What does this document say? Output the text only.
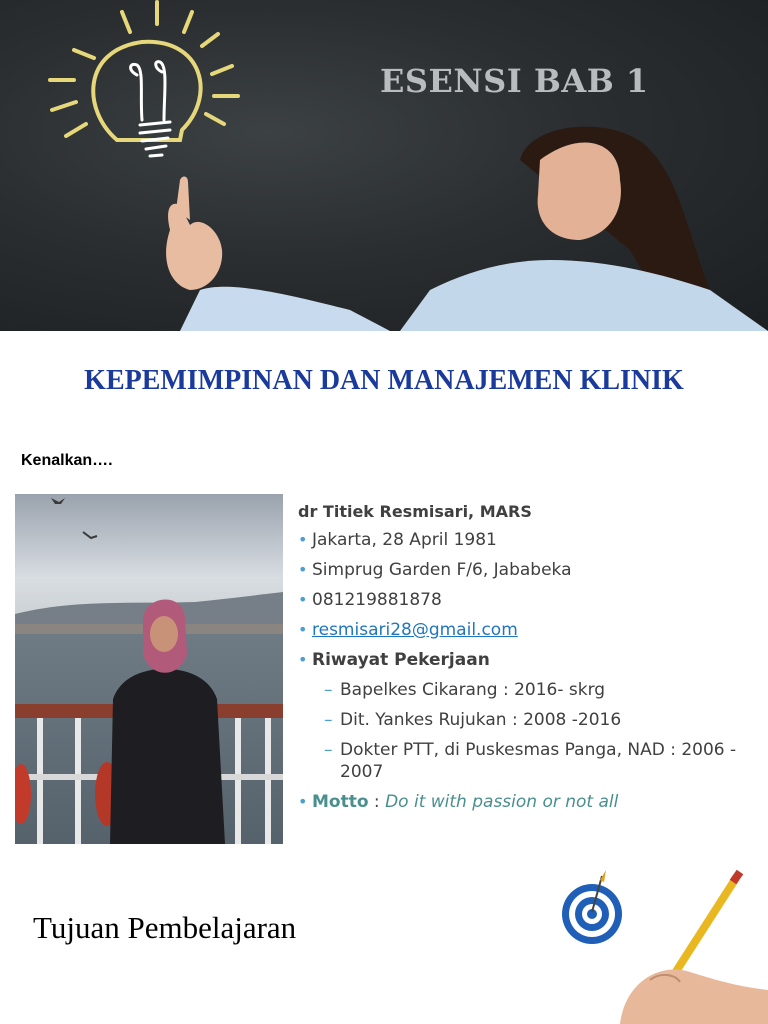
ESENSI BAB 1
KEPEMIMPINAN DAN MANAJEMEN KLINIK
Kenalkan….
dr Titiek Resmisari, MARS
• Jakarta, 28 April 1981
• Simprug Garden F/6, Jababeka
• 081219881878
• resmisari28@gmail.com
• Riwayat Pekerjaan
– Bapelkes Cikarang : 2016- skrg
– Dit. Yankes Rujukan : 2008 -2016
– Dokter PTT, di Puskesmas Panga, NAD : 2006 - 2007
• Motto : Do it with passion or not all
Tujuan Pembelajaran
